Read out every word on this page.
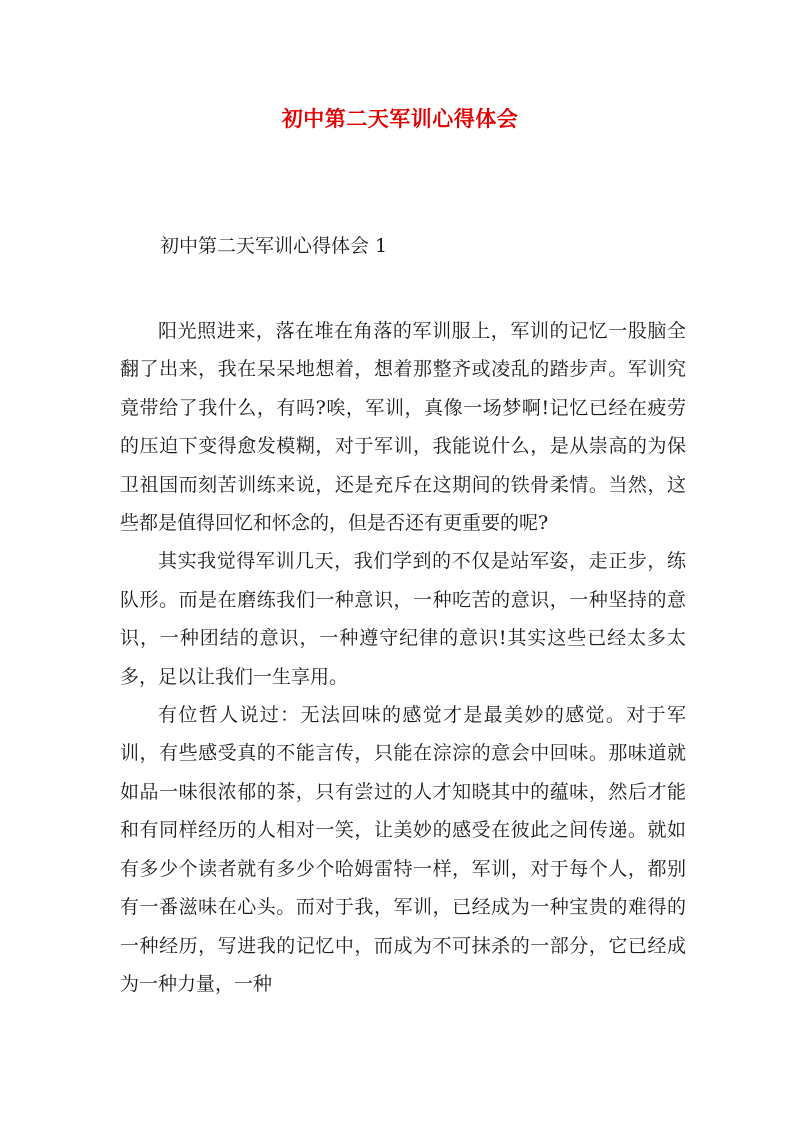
初中第二天军训心得体会
初中第二天军训心得体会 1

阳光照进来，落在堆在角落的军训服上，军训的记忆一股脑全翻了出来，我在呆呆地想着，想着那整齐或凌乱的踏步声。军训究竟带给了我什么，有吗?唉，军训，真像一场梦啊!记忆已经在疲劳的压迫下变得愈发模糊，对于军训，我能说什么，是从崇高的为保卫祖国而刻苦训练来说，还是充斥在这期间的铁骨柔情。当然，这些都是值得回忆和怀念的，但是否还有更重要的呢?

其实我觉得军训几天，我们学到的不仅是站军姿，走正步，练队形。而是在磨练我们一种意识，一种吃苦的意识，一种坚持的意识，一种团结的意识，一种遵守纪律的意识!其实这些已经太多太多，足以让我们一生享用。

有位哲人说过：无法回味的感觉才是最美妙的感觉。对于军训，有些感受真的不能言传，只能在淙淙的意会中回味。那味道就如品一味很浓郁的茶，只有尝过的人才知晓其中的蕴味，然后才能和有同样经历的人相对一笑，让美妙的感受在彼此之间传递。就如有多少个读者就有多少个哈姆雷特一样，军训，对于每个人，都别有一番滋味在心头。而对于我，军训，已经成为一种宝贵的难得的一种经历，写进我的记忆中，而成为不可抹杀的一部分，它已经成为一种力量，一种
